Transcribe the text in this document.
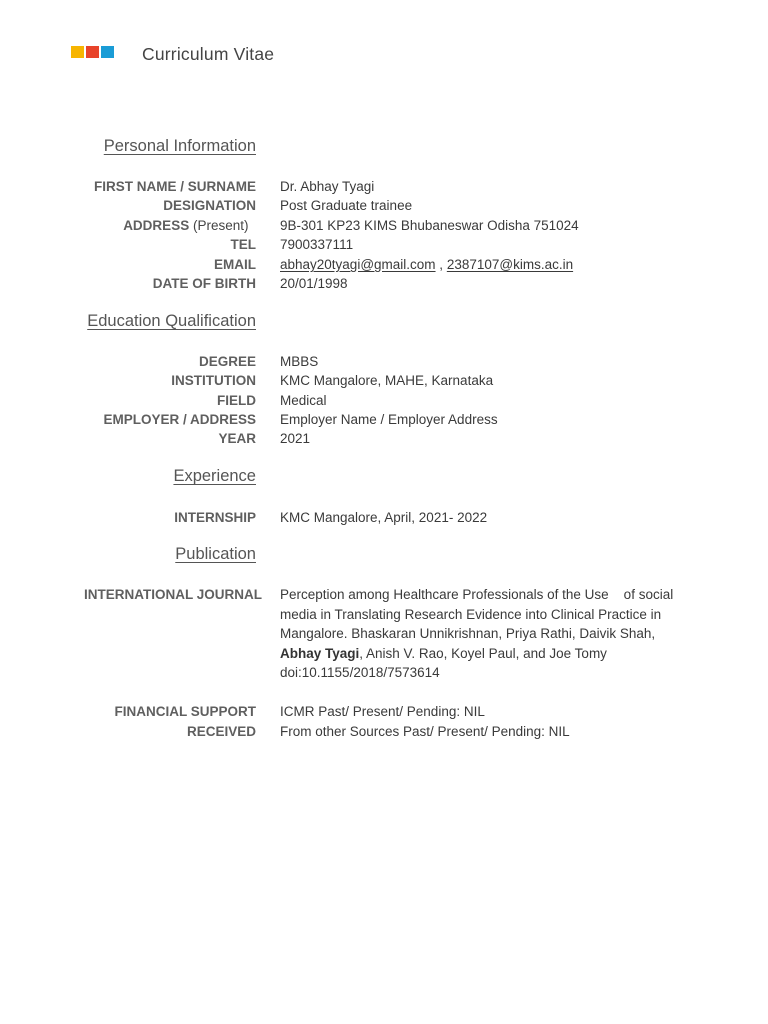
Curriculum Vitae
Personal Information
FIRST NAME / SURNAME Dr. Abhay Tyagi
DESIGNATION Post Graduate trainee
ADDRESS (Present)	9B-301 KP23 KIMS Bhubaneswar Odisha 751024
TEL 7900337111
EMAIL abhay20tyagi@gmail.com , 2387107@kims.ac.in
DATE OF BIRTH 20/01/1998
Education Qualification
DEGREE MBBS
INSTITUTION KMC Mangalore, MAHE, Karnataka
FIELD Medical
EMPLOYER / ADDRESS Employer Name / Employer Address
YEAR 2021
Experience
INTERNSHIP KMC Mangalore, April, 2021- 2022
Publication
INTERNATIONAL JOURNAL Perception among Healthcare Professionals of the Use    of social media in Translating Research Evidence into Clinical Practice in Mangalore. Bhaskaran Unnikrishnan, Priya Rathi, Daivik Shah,
Abhay Tyagi, Anish V. Rao, Koyel Paul, and Joe Tomy
doi:10.1155/2018/7573614
FINANCIAL SUPPORT
RECEIVED
ICMR Past/ Present/ Pending: NIL
From other Sources Past/ Present/ Pending: NIL
